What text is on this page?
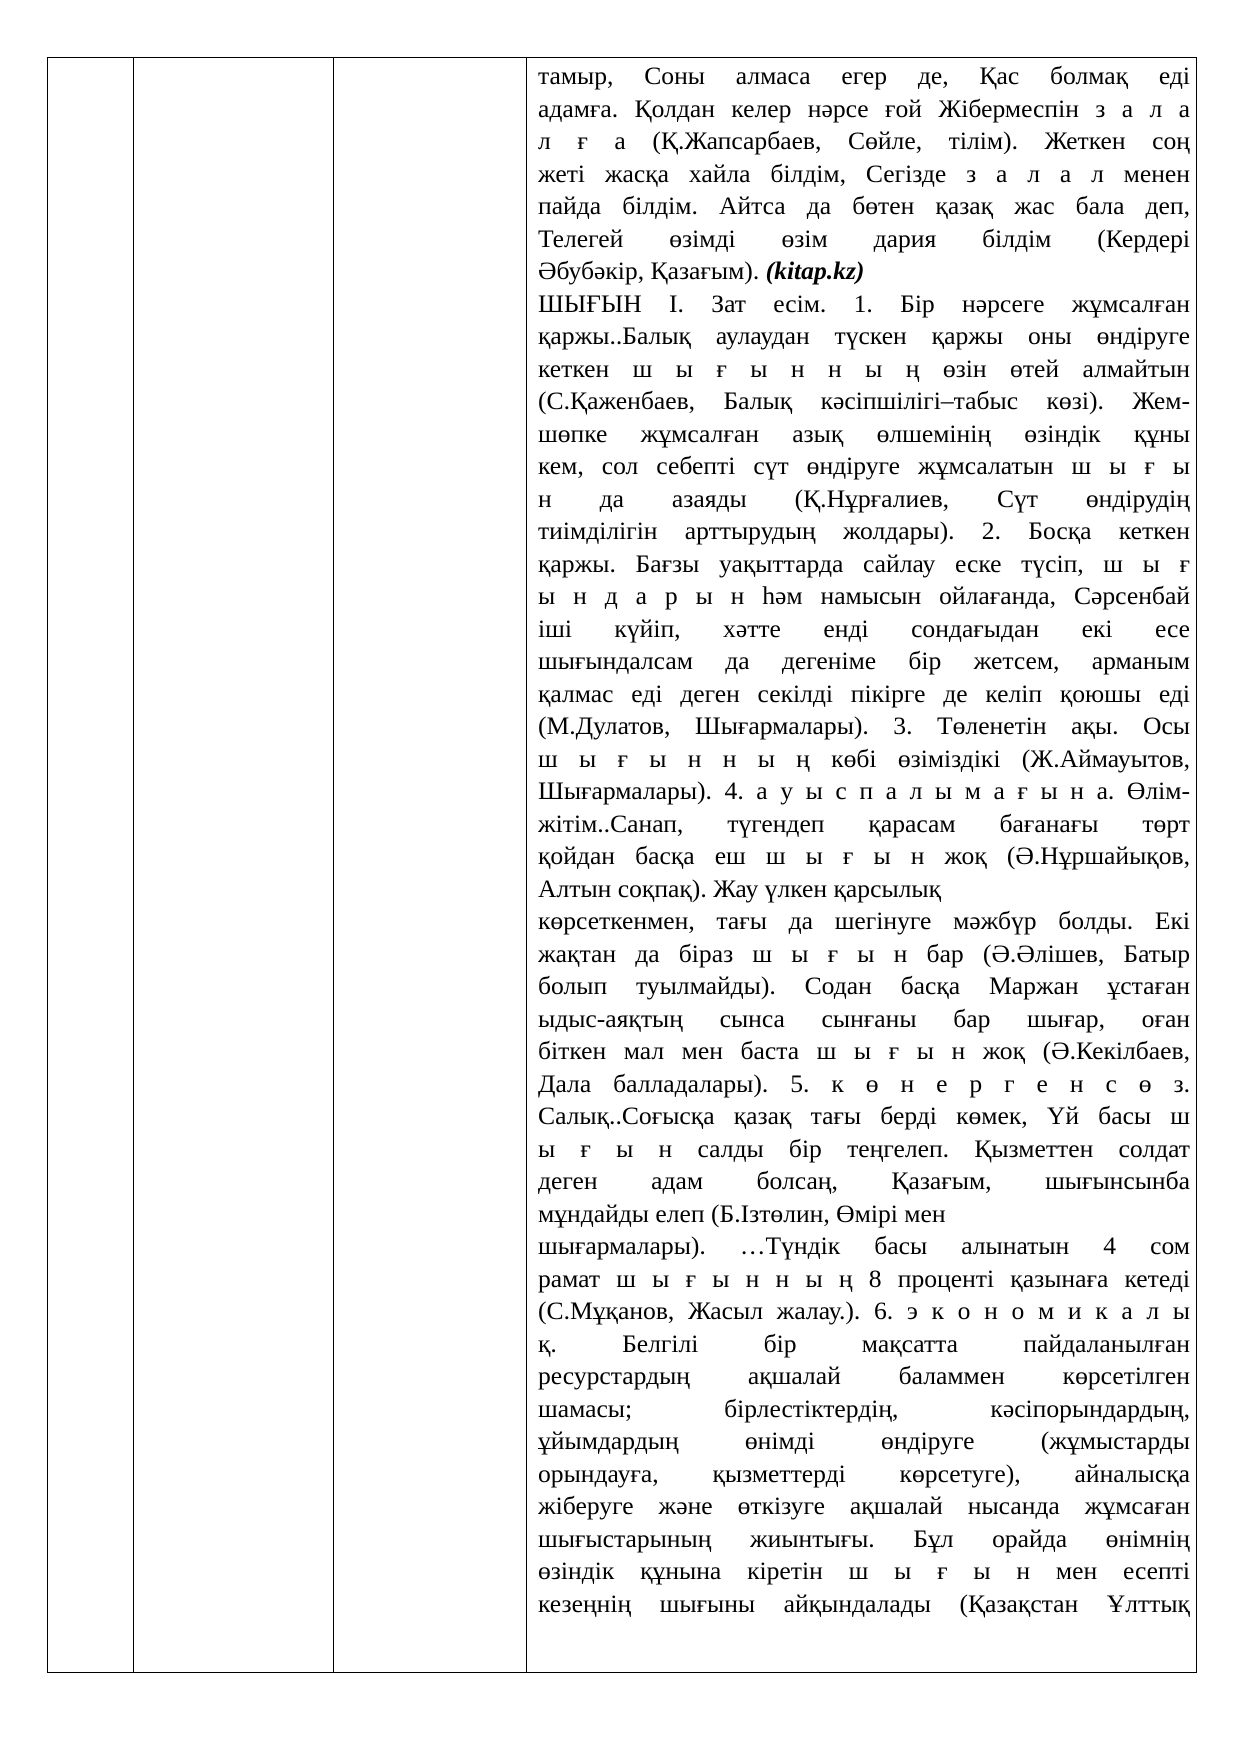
тамыр, Соны алмаса егер де, Қас болмақ еді
адамға. Қолдан келер нәрсе ғой Жібермеспін з а л а
л ғ а (Қ.Жапсарбаев, Сөйле, тілім). Жеткен соң
жеті жасқа хайла білдім, Сегізде з а л а л менен
пайда білдім. Айтса да бөтен қазақ жас бала деп,
Телегей өзімді өзім дария білдім (Кердері
Әбубәкір, Қазағым). (kitap.kz)
ШЫҒЫН I. Зат есім. 1. Бір нәрсеге жұмсалған
қаржы..Балық аулаудан түскен қаржы оны өндіруге
кеткен ш ы ғ ы н н ы ң өзін өтей алмайтын
(С.Қаженбаев, Балық кәсіпшілігі–табыс көзі). Жем-
шөпке жұмсалған азық өлшемінің өзіндік құны
кем, сол себепті сүт өндіруге жұмсалатын ш ы ғ ы
н да азаяды (Қ.Нұрғалиев, Сүт өндірудің
тиімділігін арттырудың жолдары). 2. Босқа кеткен
қаржы. Бағзы уақыттарда сайлау еске түсіп, ш ы ғ
ы н д а р ы н һәм намысын ойлағанда, Сәрсенбай
іші күйіп, хәтте енді сондағыдан екі есе
шығындалсам да дегеніме бір жетсем, арманым
қалмас еді деген секілді пікірге де келіп қоюшы еді
(М.Дулатов, Шығармалары). 3. Төленетін ақы. Осы
ш ы ғ ы н н ы ң көбі өзіміздікі (Ж.Аймауытов,
Шығармалары). 4. а у ы с п а л ы м а ғ ы н а. Өлім-
жітім..Санап, түгендеп қарасам бағанағы төрт
қойдан басқа еш ш ы ғ ы н жоқ (Ә.Нұршайықов,
Алтын соқпақ). Жау үлкен қарсылық
көрсеткенмен, тағы да шегінуге мәжбүр болды. Екі
жақтан да біраз ш ы ғ ы н бар (Ә.Әлішев, Батыр
болып туылмайды). Содан басқа Маржан ұстаған
ыдыс-аяқтың сынса сынғаны бар шығар, оған
біткен мал мен баста ш ы ғ ы н жоқ (Ә.Кекілбаев,
Дала балладалары). 5. к ө н е р г е н с ө з.
Салық..Соғысқа қазақ тағы берді көмек, Үй басы ш
ы ғ ы н салды бір теңгелеп. Қызметтен солдат
деген адам болсаң, Қазағым, шығынсынба
мұндайды елеп (Б.Ізтөлин, Өмірі мен
шығармалары). …Түндік басы алынатын 4 сом
рамат ш ы ғ ы н н ы ң 8 проценті қазынаға кетеді
(С.Мұқанов, Жасыл жалау.). 6. э к о н о м и к а л ы
қ. Белгілі бір мақсатта пайдаланылған
ресурстардың ақшалай баламмен көрсетілген
шамасы; бірлестіктердің, кәсіпорындардың,
ұйымдардың өнімді өндіруге (жұмыстарды
орындауға, қызметтерді көрсетуге), айналысқа
жіберуге және өткізуге ақшалай нысанда жұмсаған
шығыстарының жиынтығы. Бұл орайда өнімнің
өзіндік құнына кіретін ш ы ғ ы н мен есепті
кезеңнің шығыны айқындалады (Қазақстан Ұлттық
